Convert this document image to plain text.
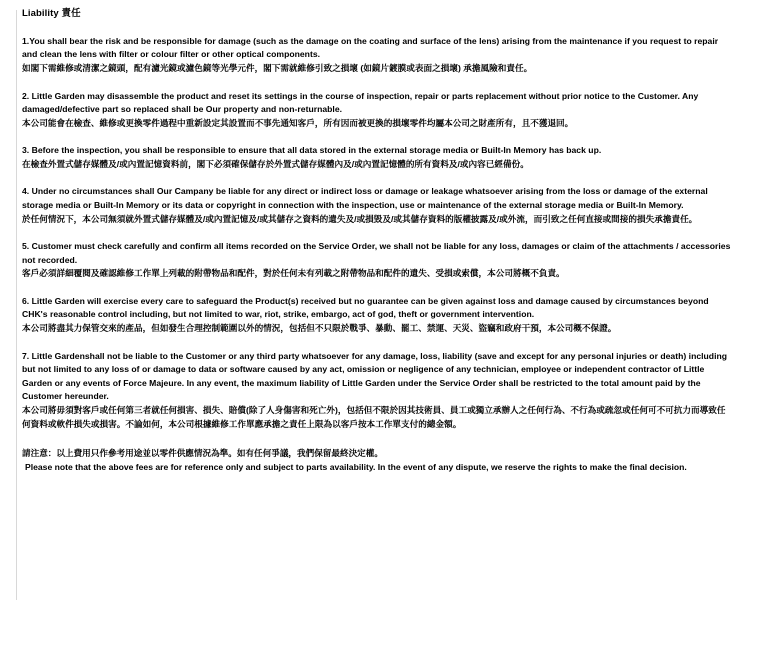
Liability 責任

1.You shall bear the risk and be responsible for damage (such as the damage on the coating and surface of the lens) arising from the maintenance if you request to repair and clean the lens with filter or colour filter or other optical components.
如閣下需維修或清潔之鏡頭，配有濾光鏡或濾色鏡等光學元件，閣下需就維修引致之損壞 (如鏡片鍍膜或表面之損壞) 承擔風險和責任。

2. Little Garden may disassemble the product and reset its settings in the course of inspection, repair or parts replacement without prior notice to the Customer. Any damaged/defective part so replaced shall be Our property and non-returnable.
本公司能會在檢查、維修或更換零件過程中重新設定其設置而不事先通知客戶，所有因而被更換的損壞零件均屬本公司之財產所有，且不獲退回。

3. Before the inspection, you shall be responsible to ensure that all data stored in the external storage media or Built-In Memory has back up.
在檢查外置式儲存媒體及/或內置記憶資料前，閣下必須確保儲存於外置式儲存媒體內及/或內置記憶體的所有資料及/或內容已經備份。

4. Under no circumstances shall Our Campany be liable for any direct or indirect loss or damage or leakage whatsoever arising from the loss or damage of the external storage media or Built-In Memory or its data or copyright in connection with the inspection, use or maintenance of the external storage media or Built-In Memory.
於任何情況下，本公司無須就外置式儲存媒體及/或內置記憶及/或其儲存之資料的遺失及/或損毀及/或其儲存資料的版權披露及/或外流，而引致之任何直接或間接的損失承擔責任。

5. Customer must check carefully and confirm all items recorded on the Service Order, we shall not be liable for any loss, damages or claim of the attachments / accessories not recorded.
客戶必須詳細覆閱及確認維修工作單上列載的附帶物品和配件，對於任何未有列載之附帶物品和配件的遺失、受損或索償，本公司將概不負責。

6. Little Garden will exercise every care to safeguard the Product(s) received but no guarantee can be given against loss and damage caused by circumstances beyond CHK's reasonable control including, but not limited to war, riot, strike, embargo, act of god, theft or government intervention.
本公司將盡其力保管交來的產品，但如發生合理控制範圍以外的情況，包括但不只限於戰爭、暴動、罷工、禁運、天災、盜竊和政府干預，本公司概不保證。

7. Little Gardenshall not be liable to the Customer or any third party whatsoever for any damage, loss, liability (save and except for any personal injuries or death) including but not limited to any loss of or damage to data or software caused by any act, omission or negligence of any technician, employee or independent contractor of Little Garden or any events of Force Majeure. In any event, the maximum liability of Little Garden under the Service Order shall be restricted to the total amount paid by the Customer hereunder.
本公司將毋須對客戶或任何第三者就任何損害、損失、賠償(除了人身傷害和死亡外)，包括但不限於因其技術員、員工或獨立承辦人之任何行為、不行為或疏忽或任何可不可抗力而導致任何資料或軟件損失或損害。不論如何，本公司根據維修工作單應承擔之責任上限為以客戶按本工作單支付的總金額。

請注意：以上費用只作參考用途並以零件供應情況為準。如有任何爭議，我們保留最終決定權。
Please note that the above fees are for reference only and subject to parts availability. In the event of any dispute, we reserve the rights to make the final decision.
